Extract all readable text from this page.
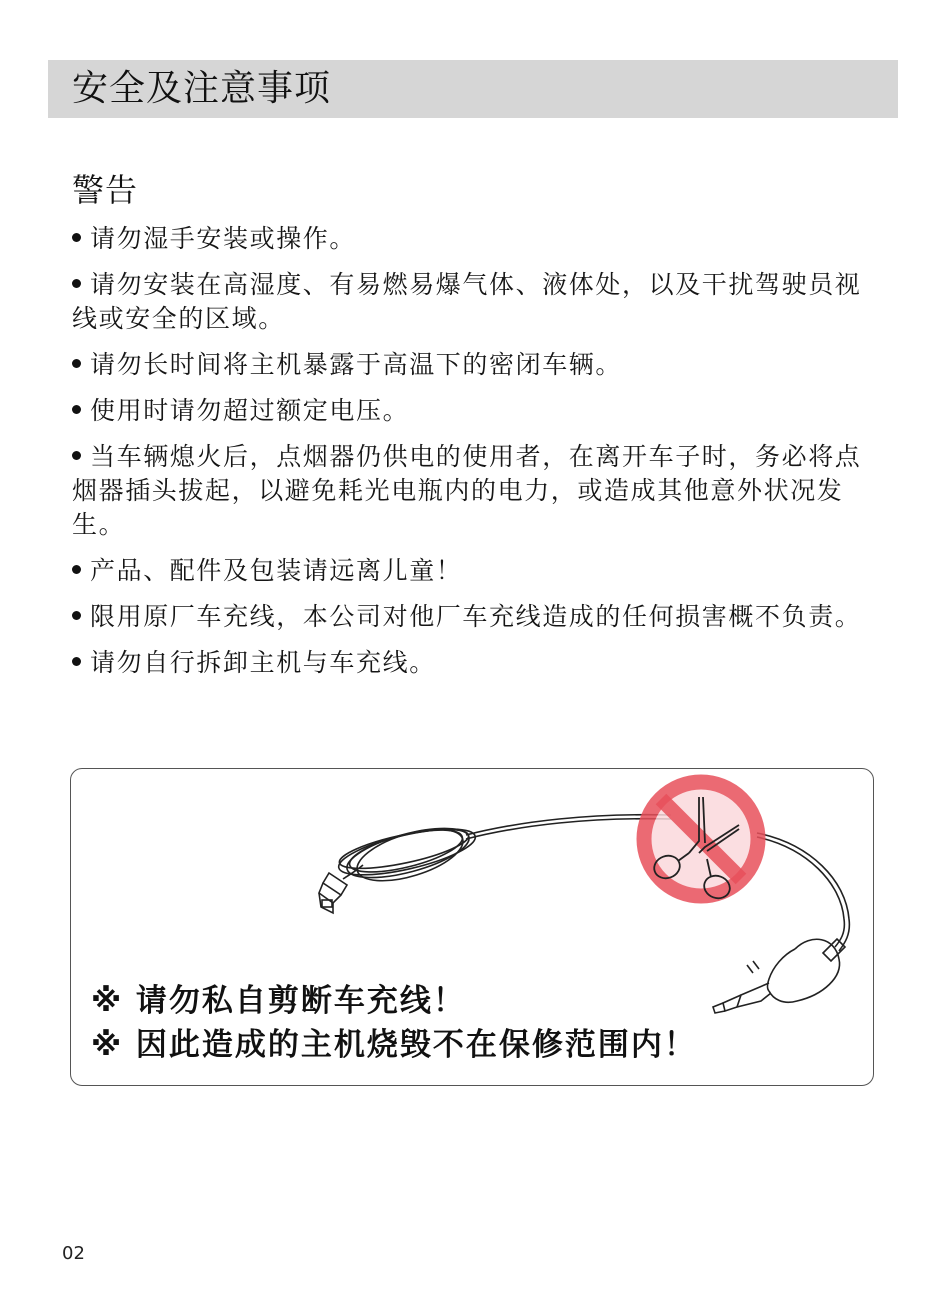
安全及注意事项
警告
请勿湿手安装或操作。
请勿安装在高湿度、有易燃易爆气体、液体处，以及干扰驾驶员视线或安全的区域。
请勿长时间将主机暴露于高温下的密闭车辆。
使用时请勿超过额定电压。
当车辆熄火后，点烟器仍供电的使用者，在离开车子时，务必将点烟器插头拔起，以避免耗光电瓶内的电力，或造成其他意外状况发生。
产品、配件及包装请远离儿童！
限用原厂车充线，本公司对他厂车充线造成的任何损害概不负责。
请勿自行拆卸主机与车充线。
※ 请勿私自剪断车充线！
※ 因此造成的主机烧毁不在保修范围内！
02
